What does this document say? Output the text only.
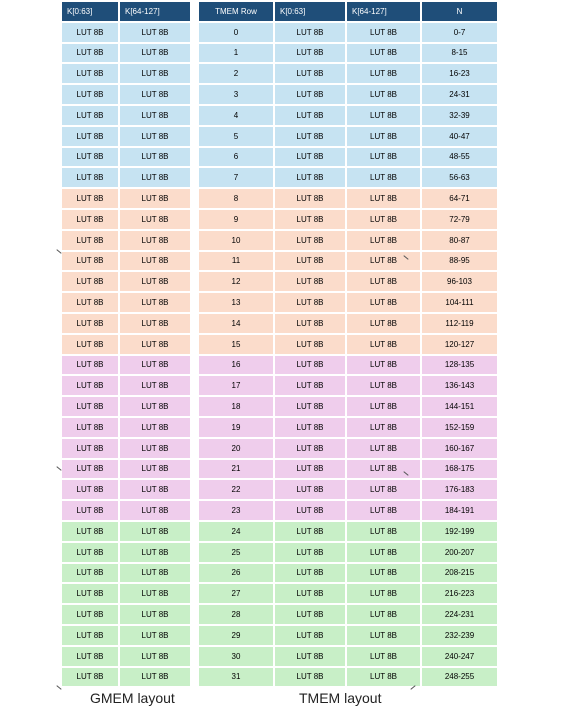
K[0:63]	K[64-127]
LUT 8B	LUT 8B
LUT 8B	LUT 8B
LUT 8B	LUT 8B
LUT 8B	LUT 8B
LUT 8B	LUT 8B
LUT 8B	LUT 8B
LUT 8B	LUT 8B
LUT 8B	LUT 8B
LUT 8B	LUT 8B
LUT 8B	LUT 8B
LUT 8B	LUT 8B
LUT 8B	LUT 8B
LUT 8B	LUT 8B
LUT 8B	LUT 8B
LUT 8B	LUT 8B
LUT 8B	LUT 8B
LUT 8B	LUT 8B
LUT 8B	LUT 8B
LUT 8B	LUT 8B
LUT 8B	LUT 8B
LUT 8B	LUT 8B
LUT 8B	LUT 8B
LUT 8B	LUT 8B
LUT 8B	LUT 8B
LUT 8B	LUT 8B
LUT 8B	LUT 8B
LUT 8B	LUT 8B
LUT 8B	LUT 8B
LUT 8B	LUT 8B
LUT 8B	LUT 8B
LUT 8B	LUT 8B
LUT 8B	LUT 8B
TMEM Row	K[0:63]	K[64-127]	N
0	LUT 8B	LUT 8B	0-7
1	LUT 8B	LUT 8B	8-15
2	LUT 8B	LUT 8B	16-23
3	LUT 8B	LUT 8B	24-31
4	LUT 8B	LUT 8B	32-39
5	LUT 8B	LUT 8B	40-47
6	LUT 8B	LUT 8B	48-55
7	LUT 8B	LUT 8B	56-63
8	LUT 8B	LUT 8B	64-71
9	LUT 8B	LUT 8B	72-79
10	LUT 8B	LUT 8B	80-87
11	LUT 8B	LUT 8B	88-95
12	LUT 8B	LUT 8B	96-103
13	LUT 8B	LUT 8B	104-111
14	LUT 8B	LUT 8B	112-119
15	LUT 8B	LUT 8B	120-127
16	LUT 8B	LUT 8B	128-135
17	LUT 8B	LUT 8B	136-143
18	LUT 8B	LUT 8B	144-151
19	LUT 8B	LUT 8B	152-159
20	LUT 8B	LUT 8B	160-167
21	LUT 8B	LUT 8B	168-175
22	LUT 8B	LUT 8B	176-183
23	LUT 8B	LUT 8B	184-191
24	LUT 8B	LUT 8B	192-199
25	LUT 8B	LUT 8B	200-207
26	LUT 8B	LUT 8B	208-215
27	LUT 8B	LUT 8B	216-223
28	LUT 8B	LUT 8B	224-231
29	LUT 8B	LUT 8B	232-239
30	LUT 8B	LUT 8B	240-247
31	LUT 8B	LUT 8B	248-255
GMEM layout	TMEM layout
